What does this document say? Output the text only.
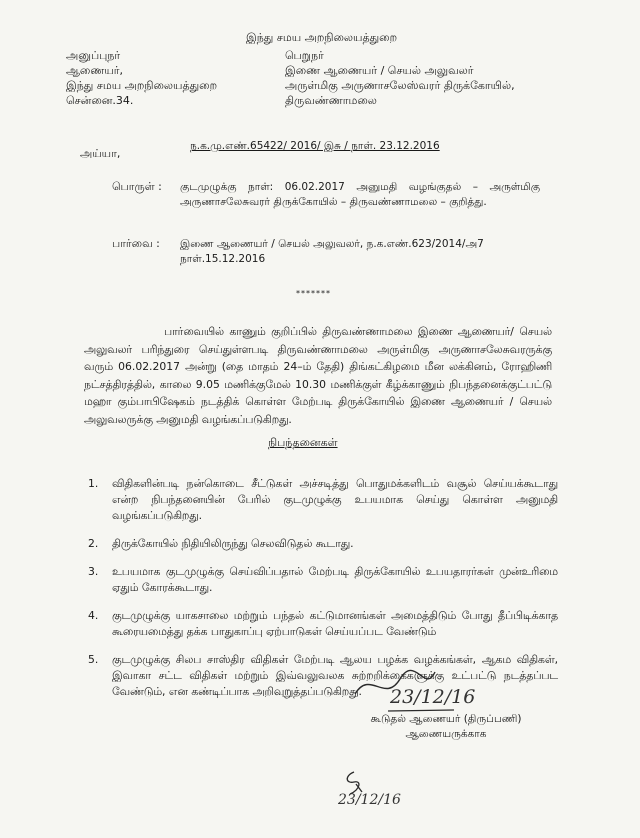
இந்து சமய அறநிலையத்துறை
அனுப்புநர்
ஆணையர்,
இந்து சமய அறநிலையத்துறை
சென்னை.34.
பெறுநர்
இணை ஆணையர் / செயல் அலுவலர்
அருள்மிகு அருணாசலேஸ்வரர் திருக்கோயில்,
திருவண்ணாமலை
ந.க.மு.எண்.65422/ 2016/ இசு / நாள். 23.12.2016
அய்யா,
பொருள் : குடமுழுக்கு நாள்: 06.02.2017 அனுமதி வழங்குதல் – அருள்மிகு அருணாசலேசுவரர் திருக்கோயில் – திருவண்ணாமலை – குறித்து.
பார்வை : இணை ஆணையர் / செயல் அலுவலர், ந.க.எண்.623/2014/அ7
நாள்.15.12.2016
*******
பார்வையில் காணும் குறிப்பில் திருவண்ணாமலை இணை ஆணையர்/ செயல் அலுவலர் பரிந்துரை செய்துள்ளபடி திருவண்ணாமலை அருள்மிகு அருணாசலேசுவரருக்கு வரும் 06.02.2017 அன்று (தை மாதம் 24–ம் தேதி) திங்கட்கிழமை மீன லக்கினம், ரோஹிணி நட்சத்திரத்தில், காலை 9.05 மணிக்குமேல் 10.30 மணிக்குள் கீழ்க்காணும் நிபந்தனைக்குட்பட்டு மஹா கும்பாபிஷேகம் நடத்திக் கொள்ள மேற்படி திருக்கோயில் இணை ஆணையர் / செயல் அலுவலருக்கு அனுமதி வழங்கப்படுகிறது.
நிபந்தனைகள்
1.	விதிகளின்படி நன்கொடை சீட்டுகள் அச்சடித்து பொதுமக்களிடம் வசூல் செய்யக்கூடாது என்ற நிபந்தனையின் பேரில் குடமுழுக்கு உபயமாக செய்து கொள்ள அனுமதி வழங்கப்படுகிறது.
2.	திருக்கோயில் நிதியிலிருந்து செலவிடுதல் கூடாது.
3.	உபயமாக குடமுழுக்கு செய்விப்பதால் மேற்படி திருக்கோயில் உபயதாரர்கள் முன்உரிமை ஏதும் கோரக்கூடாது.
4.	குடமுழுக்கு யாகசாலை மற்றும் பந்தல் கட்டுமானங்கள் அமைத்திடும் போது தீப்பிடிக்காத கூரையமைத்து தக்க பாதுகாப்பு ஏற்பாடுகள் செய்யப்பட வேண்டும்
5.	குடமுழுக்கு சிலப சாஸ்திர விதிகள் மேற்படி ஆலய பழக்க வழக்கங்கள், ஆகம விதிகள், இவாகா சட்ட விதிகள் மற்றும் இவ்வலுவலக சுற்றறிக்கைகளுக்கு உட்பட்டு நடத்தப்பட வேண்டும், என கண்டிப்பாக அறிவுறுத்தப்படுகிறது.	23/12/16
கூடுதல் ஆணையர் (திருப்பணி)
ஆணையருக்காக
23/12/16
